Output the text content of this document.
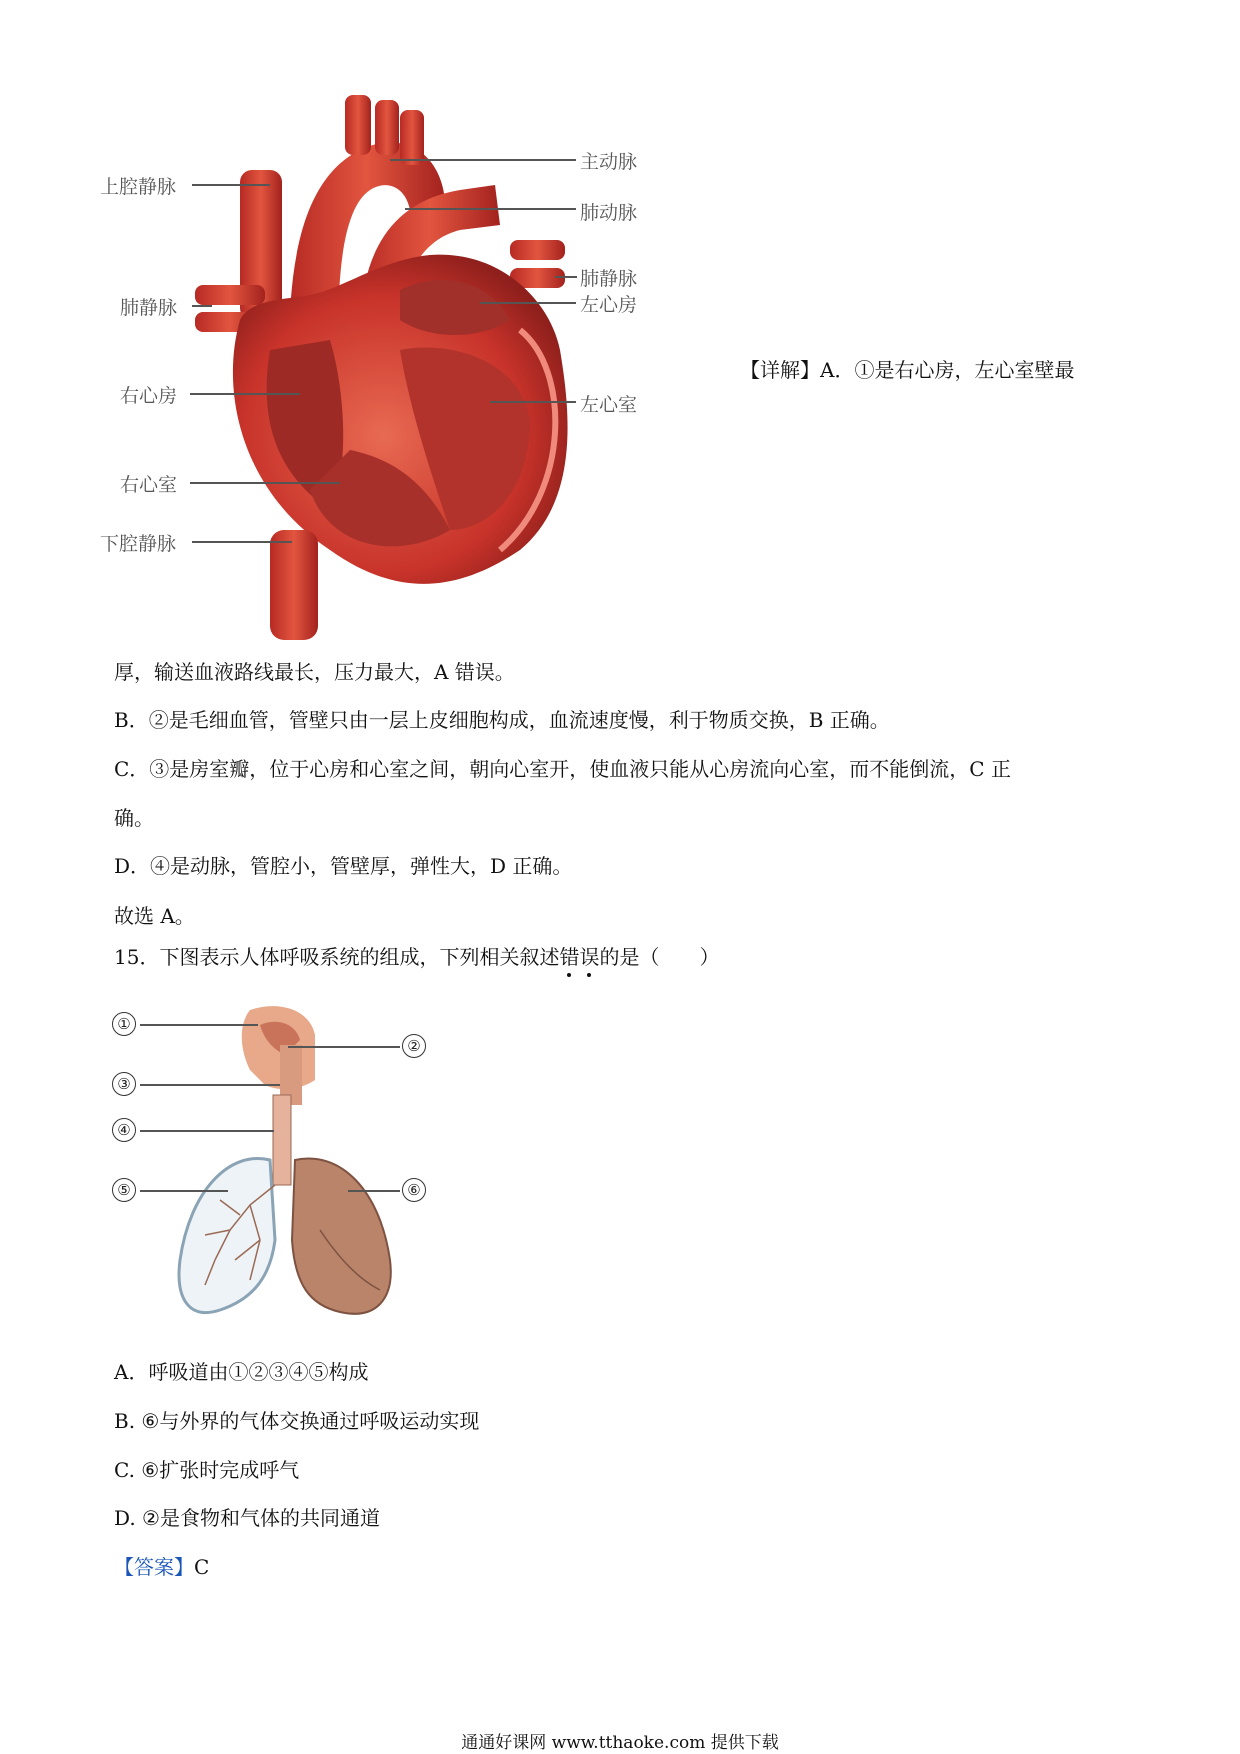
上腔静脉
肺静脉
右心房
右心室
下腔静脉
主动脉
肺动脉
肺静脉
左心房
左心室
【详解】A．①是右心房，左心室壁最
厚，输送血液路线最长，压力最大，A 错误。
B．②是毛细血管，管壁只由一层上皮细胞构成，血流速度慢，利于物质交换，B 正确。
C．③是房室瓣，位于心房和心室之间，朝向心室开，使血液只能从心房流向心室，而不能倒流，C 正
确。
D．④是动脉，管腔小，管壁厚，弹性大，D 正确。
故选 A。
15．下图表示人体呼吸系统的组成，下列相关叙述错误的是（　　）
①
②
③
④
⑤	⑥
A．呼吸道由①②③④⑤构成
B. ⑥与外界的气体交换通过呼吸运动实现
C. ⑥扩张时完成呼气
D. ②是食物和气体的共同通道
【答案】C
通通好课网 www.tthaoke.com 提供下载
